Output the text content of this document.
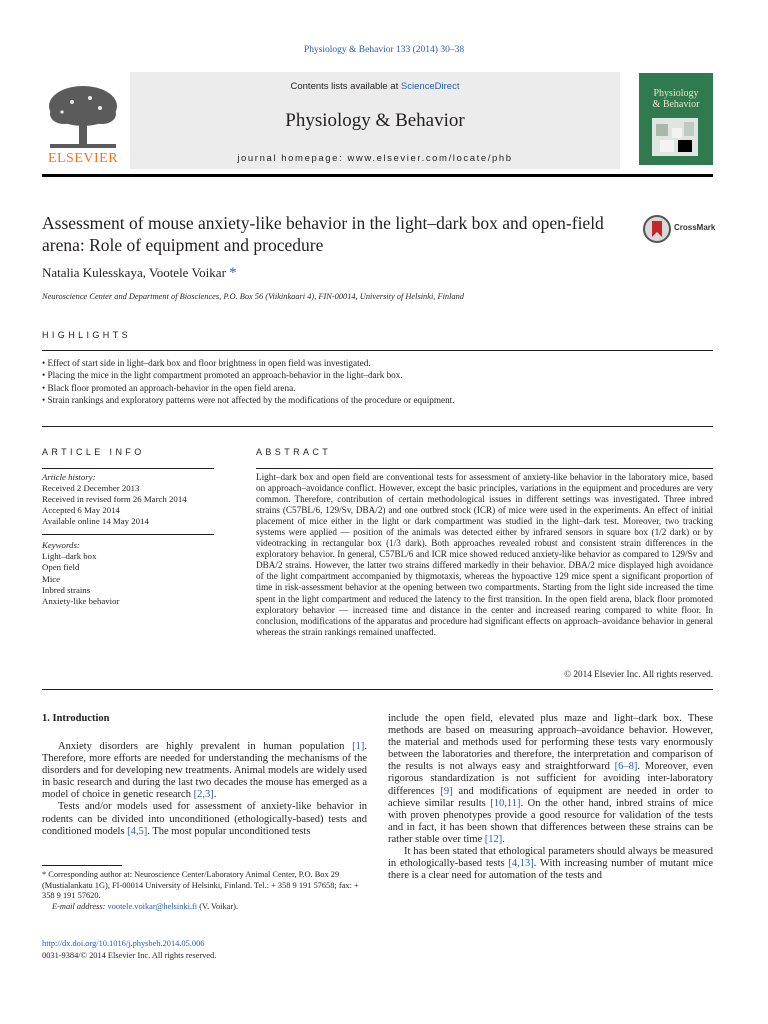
Physiology & Behavior 133 (2014) 30–38
Contents lists available at ScienceDirect
Physiology & Behavior
journal homepage: www.elsevier.com/locate/phb
ELSEVIER
Physiology
& Behavior
Assessment of mouse anxiety-like behavior in the light–dark box and open-field arena: Role of equipment and procedure
CrossMark
Natalia Kulesskaya, Vootele Voikar *
Neuroscience Center and Department of Biosciences, P.O. Box 56 (Viikinkaari 4), FIN-00014, University of Helsinki, Finland
HIGHLIGHTS
• Effect of start side in light–dark box and floor brightness in open field was investigated.
• Placing the mice in the light compartment promoted an approach-behavior in the light–dark box.
• Black floor promoted an approach-behavior in the open field arena.
• Strain rankings and exploratory patterns were not affected by the modifications of the procedure or equipment.
ARTICLE INFO	ABSTRACT
Article history:
Received 2 December 2013
Received in revised form 26 March 2014
Accepted 6 May 2014
Available online 14 May 2014
Keywords:
Light–dark box
Open field
Mice
Inbred strains
Anxiety-like behavior
Light–dark box and open field are conventional tests for assessment of anxiety-like behavior in the laboratory mice, based on approach–avoidance conflict. However, except the basic principles, variations in the equipment and procedures are very common. Therefore, contribution of certain methodological issues in different settings was investigated. Three inbred strains (C57BL/6, 129/Sv, DBA/2) and one outbred stock (ICR) of mice were used in the experiments. An effect of initial placement of mice either in the light or dark compartment was studied in the light–dark test. Moreover, two tracking systems were applied — position of the animals was detected either by infrared sensors in square box (1/2 dark) or by videotracking in rectangular box (1/3 dark). Both approaches revealed robust and consistent strain differences in the exploratory behavior. In general, C57BL/6 and ICR mice showed reduced anxiety-like behavior as compared to 129/Sv and DBA/2 strains. However, the latter two strains differed markedly in their behavior. DBA/2 mice displayed high avoidance of the light compartment accompanied by thigmotaxis, whereas the hypoactive 129 mice spent a significant proportion of time in risk-assessment behavior at the opening between two compartments. Starting from the light side increased the time spent in the light compartment and reduced the latency to the first transition. In the open field arena, black floor promoted exploratory behavior — increased time and distance in the center and increased rearing compared to white floor. In conclusion, modifications of the apparatus and procedure had significant effects on approach–avoidance behavior in general whereas the strain rankings remained unaffected.
© 2014 Elsevier Inc. All rights reserved.
1. Introduction

Anxiety disorders are highly prevalent in human population [1]. Therefore, more efforts are needed for understanding the mechanisms of the disorders and for developing new treatments. Animal models are widely used in basic research and during the last two decades the mouse has emerged as a model of choice in genetic research [2,3].

Tests and/or models used for assessment of anxiety-like behavior in rodents can be divided into unconditioned (ethologically-based) tests and conditioned models [4,5]. The most popular unconditioned tests

include the open field, elevated plus maze and light–dark box. These methods are based on measuring approach–avoidance behavior. However, the material and methods used for performing these tests vary enormously between the laboratories and therefore, the interpretation and comparison of the results is not always easy and straightforward [6–8]. Moreover, even rigorous standardization is not sufficient for avoiding inter-laboratory differences [9] and modifications of equipment are needed in order to achieve similar results [10,11]. On the other hand, inbred strains of mice with proven phenotypes provide a good resource for validation of the tests and in fact, it has been shown that differences between these strains can be rather stable over time [12].

It has been stated that ethological parameters should always be measured in ethologically-based tests [4,13]. With increasing number of mutant mice there is a clear need for automation of the tests and

* Corresponding author at: Neuroscience Center/Laboratory Animal Center, P.O. Box 29 (Mustialankatu 1G), FI-00014 University of Helsinki, Finland. Tel.: + 358 9 191 57658; fax: + 358 9 191 57620.
E-mail address: vootele.voikar@helsinki.fi (V. Voikar).
http://dx.doi.org/10.1016/j.physbeh.2014.05.006
0031-9384/© 2014 Elsevier Inc. All rights reserved.
